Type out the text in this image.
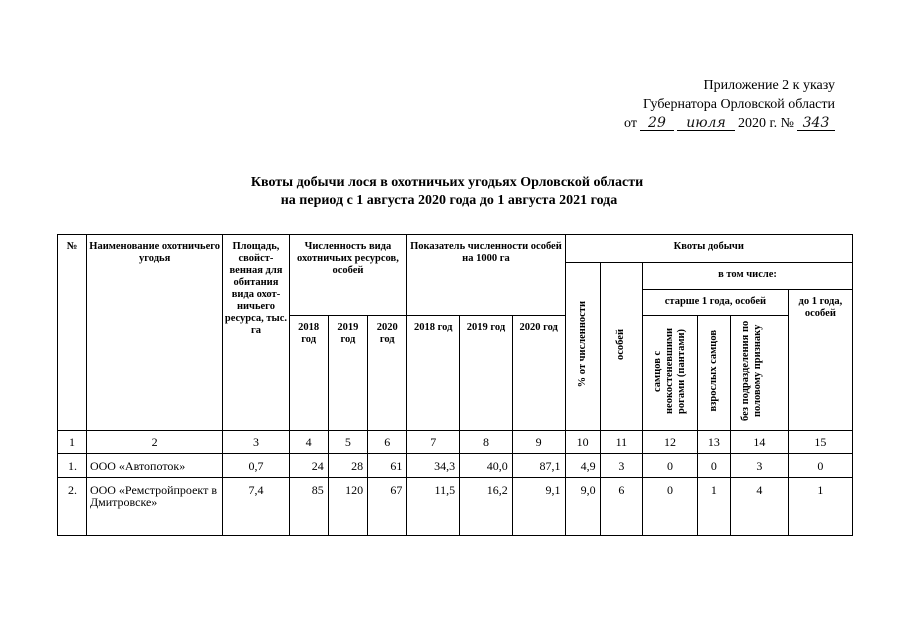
Приложение 2 к указу
Губернатора Орловской области
от 29	июля 2020 г. № 343
Квоты добычи лося в охотничьих угодьях Орловской области
на период с 1 августа 2020 года до 1 августа 2021 года
№	Наименование охотничьего угодья	Площадь, свойст-венная для обитания вида охот-ничьего ресурса, тыс. га	Численность вида охотничьих ресурсов, особей			Показатель численности особей на 1000 га			Квоты добычи					
									% от численности	особей	в том числе:			
											старше 1 года, особей			до 1 года, особей
			2018 год	2019 год	2020 год	2018 год	2019 год	2020 год			самцов с неокостеневшими рогами (пантами)	взрослых самцов	без подразделения по половому признаку	
1	2	3	4	5	6	7	8	9	10	11	12	13	14	15
1.	ООО «Автопоток»	0,7	24	28	61	34,3	40,0	87,1	4,9	3	0	0	3	0
2.	ООО «Ремстройпроект в Дмитровске»	7,4	85	120	67	11,5	16,2	9,1	9,0	6	0	1	4	1
